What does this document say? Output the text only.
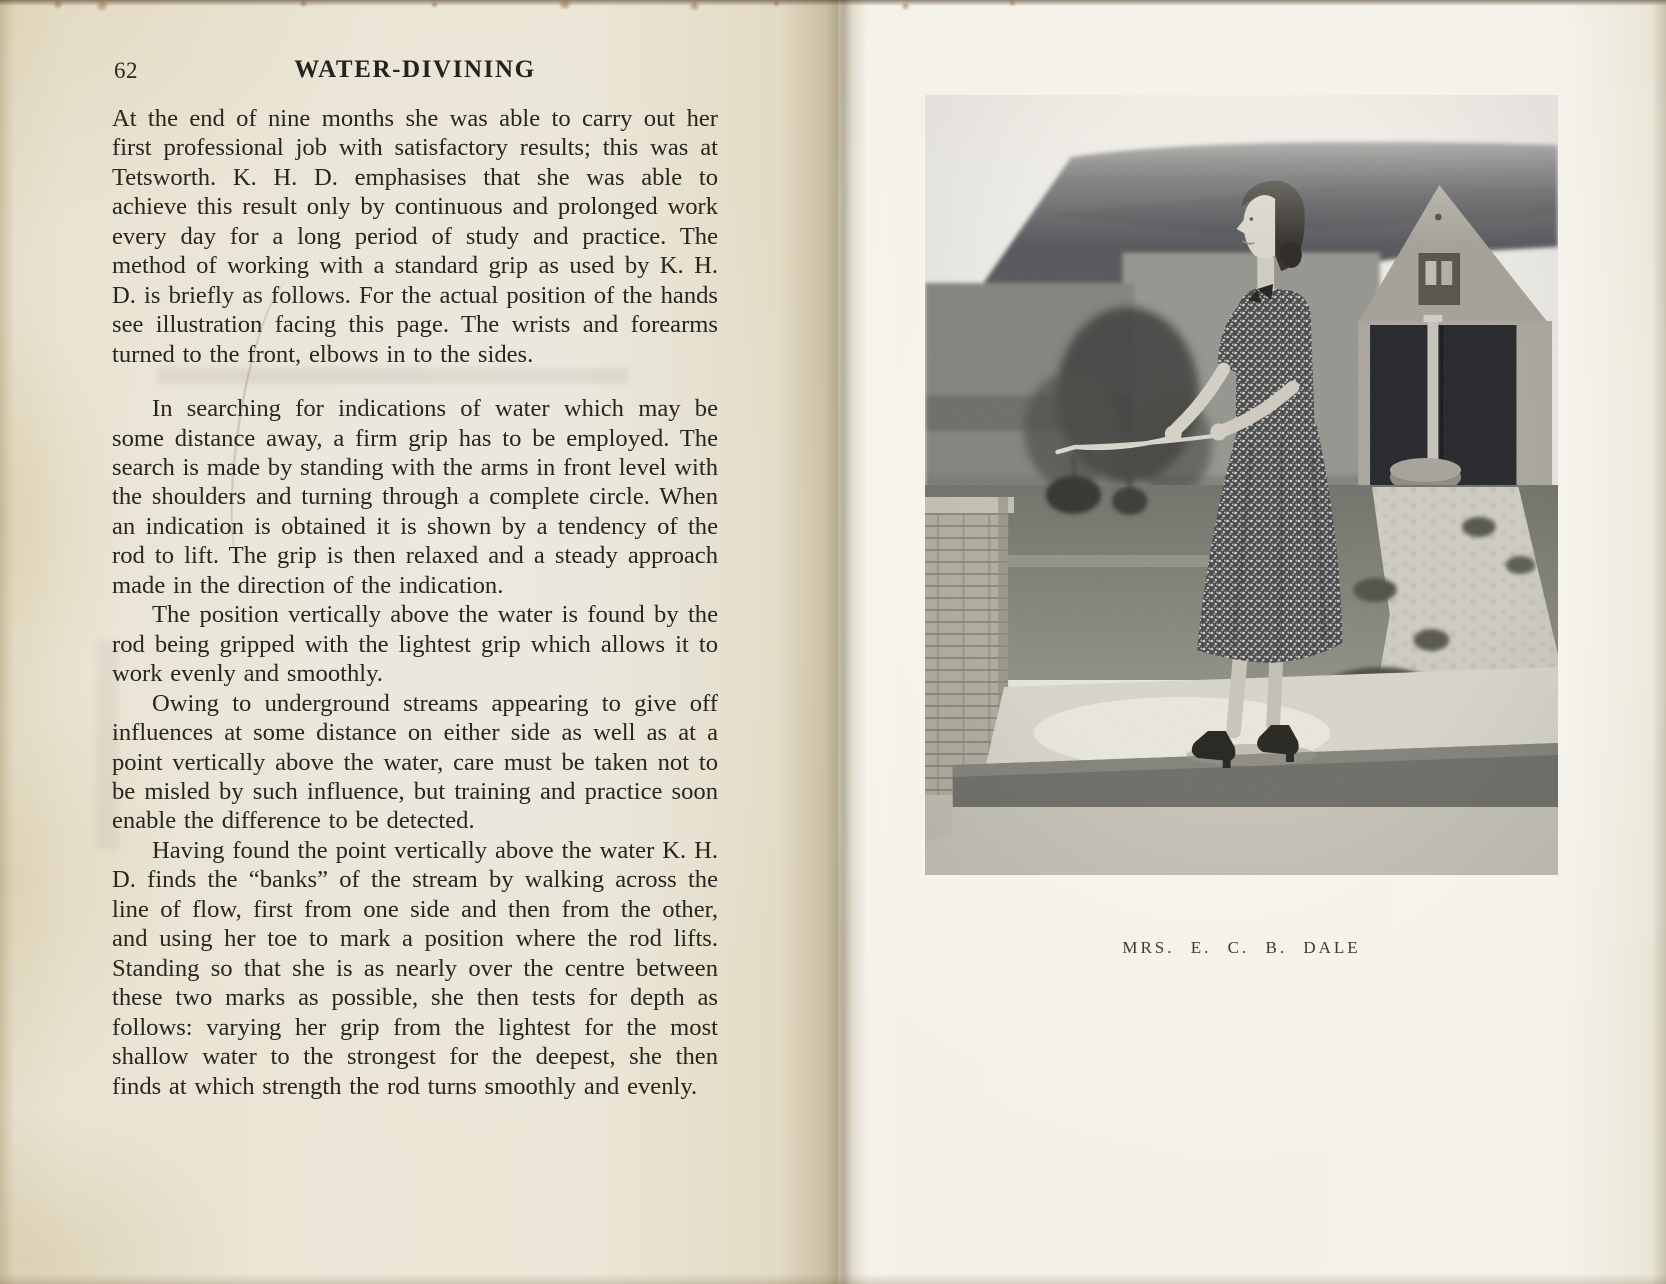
62	WATER-DIVINING

At the end of nine months she was able to carry out her first professional job with satisfactory results; this was at Tetsworth. K. H. D. emphasises that she was able to achieve this result only by continuous and prolonged work every day for a long period of study and practice. The method of working with a standard grip as used by K. H. D. is briefly as follows. For the actual position of the hands see illustration facing this page. The wrists and forearms turned to the front, elbows in to the sides.

In searching for indications of water which may be some distance away, a firm grip has to be employed. The search is made by standing with the arms in front level with the shoulders and turning through a complete circle. When an indication is obtained it is shown by a tendency of the rod to lift. The grip is then relaxed and a steady approach made in the direction of the indication.

The position vertically above the water is found by the rod being gripped with the lightest grip which allows it to work evenly and smoothly.

Owing to underground streams appearing to give off influences at some distance on either side as well as at a point vertically above the water, care must be taken not to be misled by such influence, but training and practice soon enable the difference to be detected.

Having found the point vertically above the water K. H. D. finds the “banks” of the stream by walking across the line of flow, first from one side and then from the other, and using her toe to mark a position where the rod lifts. Standing so that she is as nearly over the centre between these two marks as possible, she then tests for depth as follows: varying her grip from the lightest for the most shallow water to the strongest for the deepest, she then finds at which strength the rod turns smoothly and evenly.

MRS. E. C. B. DALE
